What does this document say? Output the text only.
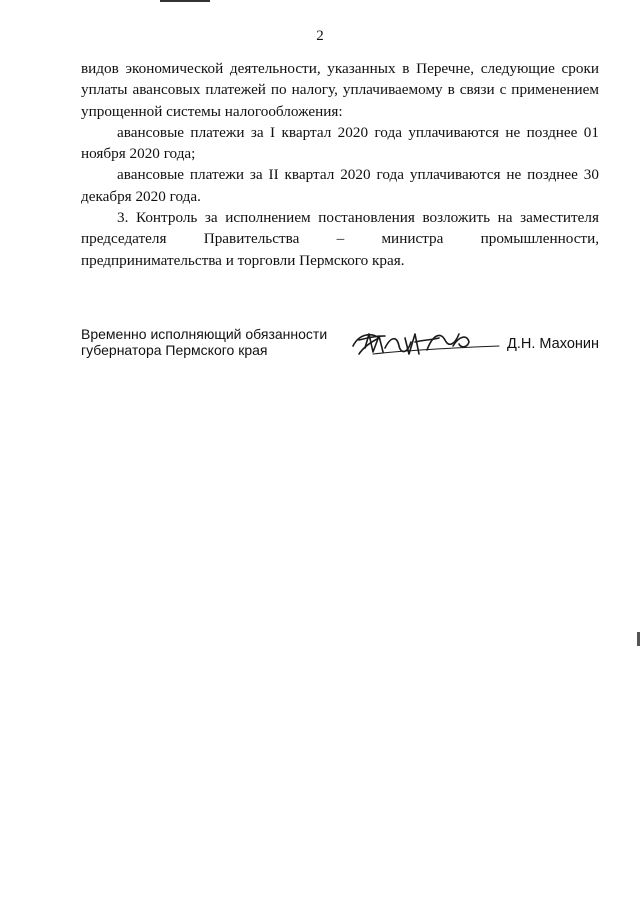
2

видов экономической деятельности, указанных в Перечне, следующие сроки уплаты авансовых платежей по налогу, уплачиваемому в связи с применением упрощенной системы налогообложения:

авансовые платежи за I квартал 2020 года уплачиваются не позднее 01 ноября 2020 года;

авансовые платежи за II квартал 2020 года уплачиваются не позднее 30 декабря 2020 года.

3. Контроль за исполнением постановления возложить на заместителя председателя Правительства – министра промышленности, предпринимательства и торговли Пермского края.

Временно исполняющий обязанности
губернатора Пермского края	Д.Н. Махонин
